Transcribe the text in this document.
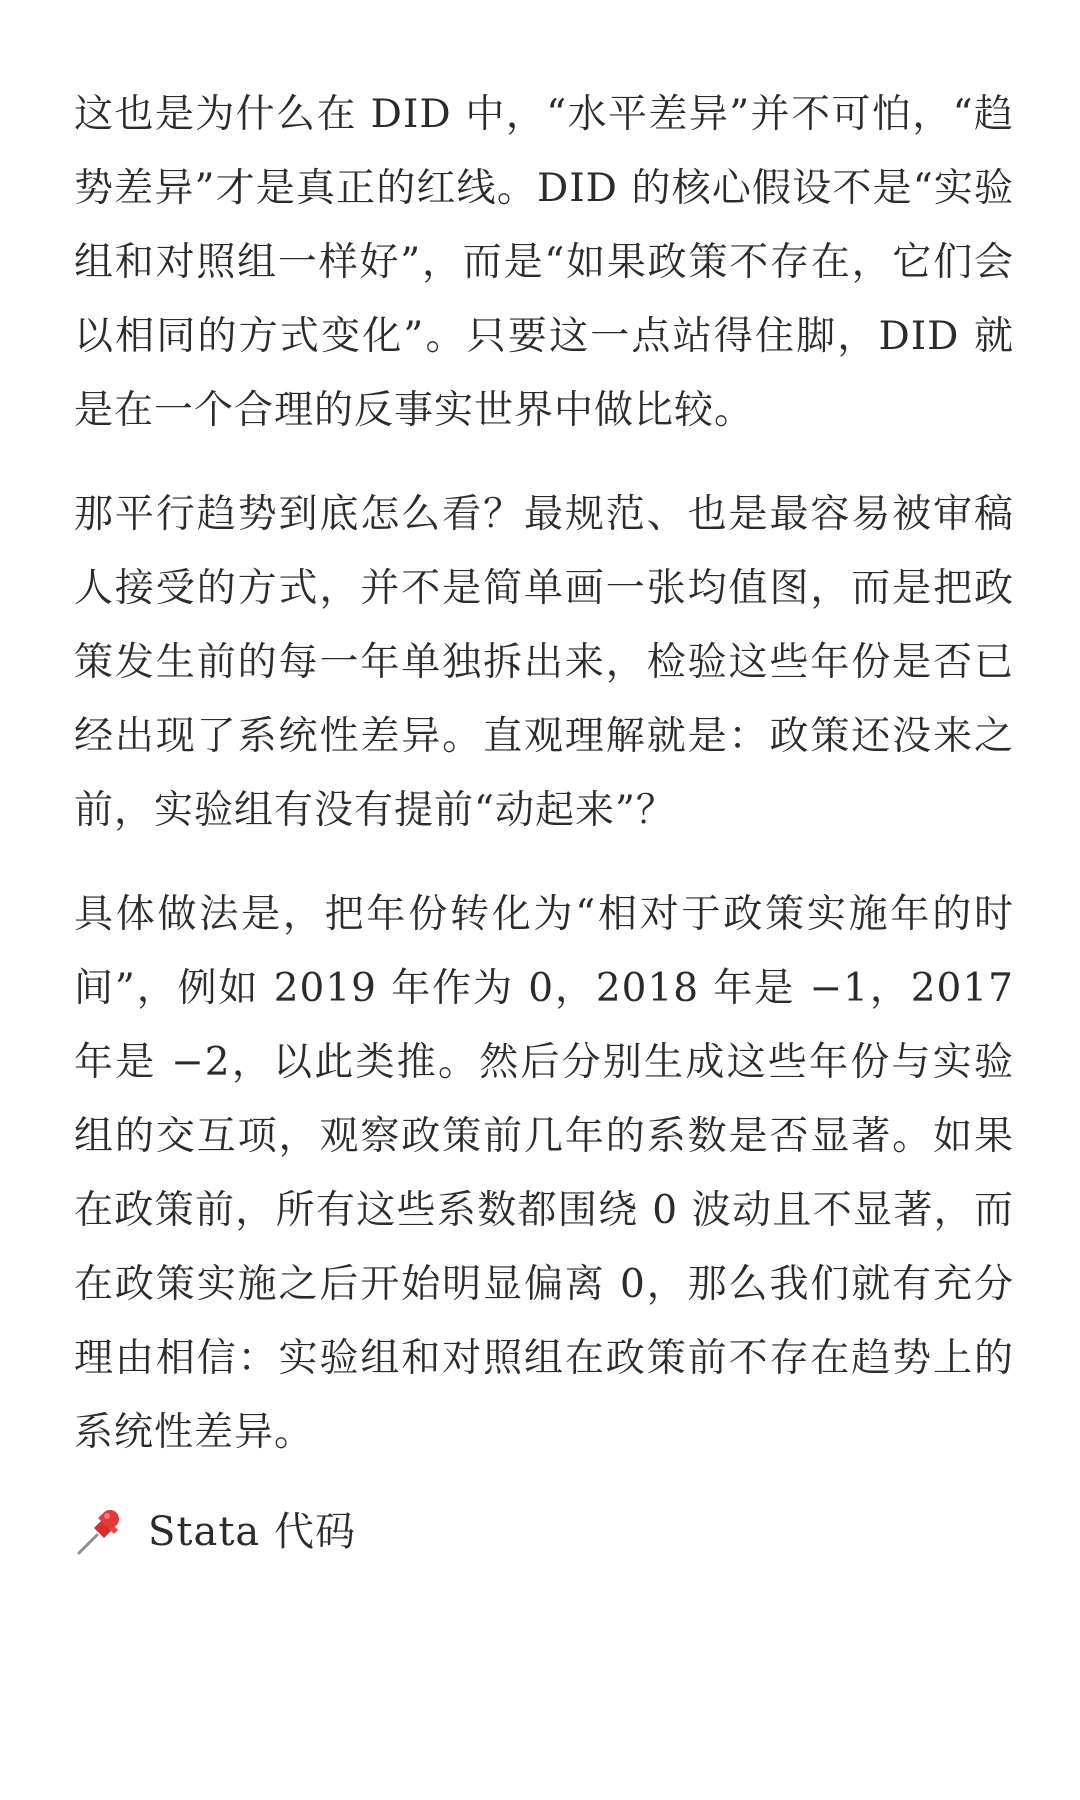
这也是为什么在 DID 中，“水平差异”并不可怕，“趋势差异”才是真正的红线。DID 的核心假设不是“实验组和对照组一样好”，而是“如果政策不存在，它们会以相同的方式变化”。只要这一点站得住脚，DID 就是在一个合理的反事实世界中做比较。

那平行趋势到底怎么看？最规范、也是最容易被审稿人接受的方式，并不是简单画一张均值图，而是把政策发生前的每一年单独拆出来，检验这些年份是否已经出现了系统性差异。直观理解就是：政策还没来之前，实验组有没有提前“动起来”？

具体做法是，把年份转化为“相对于政策实施年的时间”，例如 2019 年作为 0，2018 年是 −1，2017 年是 −2，以此类推。然后分别生成这些年份与实验组的交互项，观察政策前几年的系数是否显著。如果在政策前，所有这些系数都围绕 0 波动且不显著，而在政策实施之后开始明显偏离 0，那么我们就有充分理由相信：实验组和对照组在政策前不存在趋势上的系统性差异。

Stata 代码
